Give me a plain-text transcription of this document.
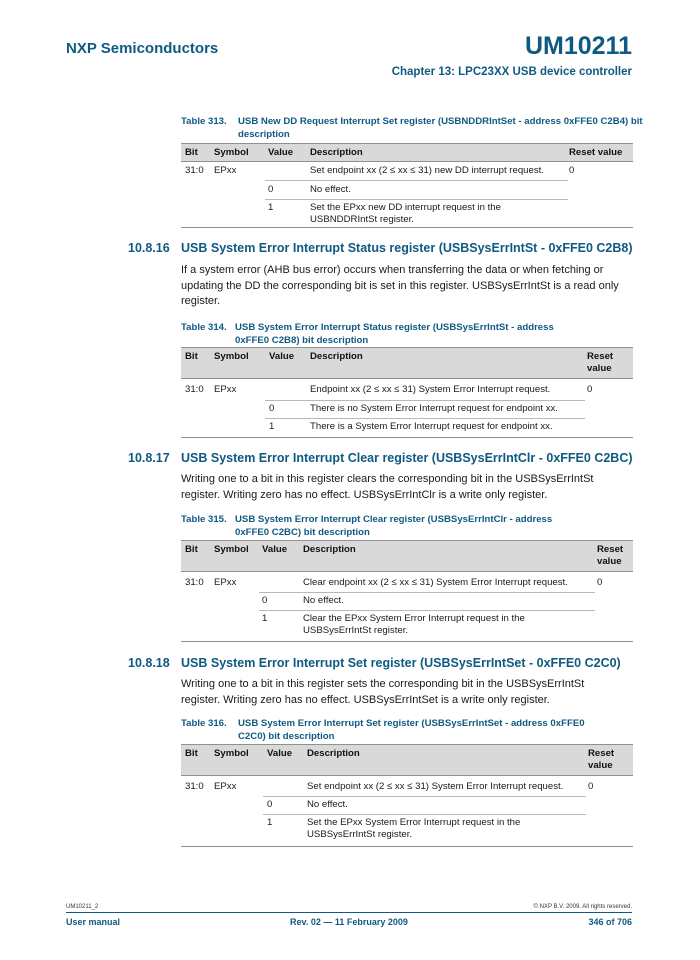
NXP Semiconductors	UM10211
Chapter 13: LPC23XX USB device controller
Table 313.	USB New DD Request Interrupt Set register (USBNDDRIntSet - address 0xFFE0 C2B4) bit description
Bit Symbol Value Description	Reset value
31:0 EPxx	Set endpoint xx (2 ≤ xx ≤ 31) new DD interrupt request.	0
0	No effect.
1	Set the EPxx new DD interrupt request in the USBNDDRIntSt register.
10.8.16 USB System Error Interrupt Status register (USBSysErrIntSt - 0xFFE0 C2B8)
If a system error (AHB bus error) occurs when transferring the data or when fetching or updating the DD the corresponding bit is set in this register. USBSysErrIntSt is a read only register.
Table 314. USB System Error Interrupt Status register (USBSysErrIntSt - address 0xFFE0 C2B8) bit description
Bit Symbol Value Description	Reset value
31:0 EPxx	Endpoint xx (2 ≤ xx ≤ 31) System Error Interrupt request.	0
0	There is no System Error Interrupt request for endpoint xx.
1	There is a System Error Interrupt request for endpoint xx.
10.8.17 USB System Error Interrupt Clear register (USBSysErrIntClr - 0xFFE0 C2BC)
Writing one to a bit in this register clears the corresponding bit in the USBSysErrIntSt register. Writing zero has no effect. USBSysErrIntClr is a write only register.
Table 315. USB System Error Interrupt Clear register (USBSysErrIntClr - address 0xFFE0 C2BC) bit description
Bit Symbol Value Description	Reset value
31:0 EPxx	Clear endpoint xx (2 ≤ xx ≤ 31) System Error Interrupt request.	0
0	No effect.
1	Clear the EPxx System Error Interrupt request in the USBSysErrIntSt register.
10.8.18 USB System Error Interrupt Set register (USBSysErrIntSet - 0xFFE0 C2C0)
Writing one to a bit in this register sets the corresponding bit in the USBSysErrIntSt register. Writing zero has no effect. USBSysErrIntSet is a write only register.
Table 316.	USB System Error Interrupt Set register (USBSysErrIntSet - address 0xFFE0 C2C0) bit description
Bit Symbol Value Description	Reset value
31:0 EPxx	Set endpoint xx (2 ≤ xx ≤ 31) System Error Interrupt request.	0
0	No effect.
1	Set the EPxx System Error Interrupt request in the USBSysErrIntSt register.
UM10211_2	© NXP B.V. 2009. All rights reserved.
User manual	Rev. 02 — 11 February 2009	346 of 706
